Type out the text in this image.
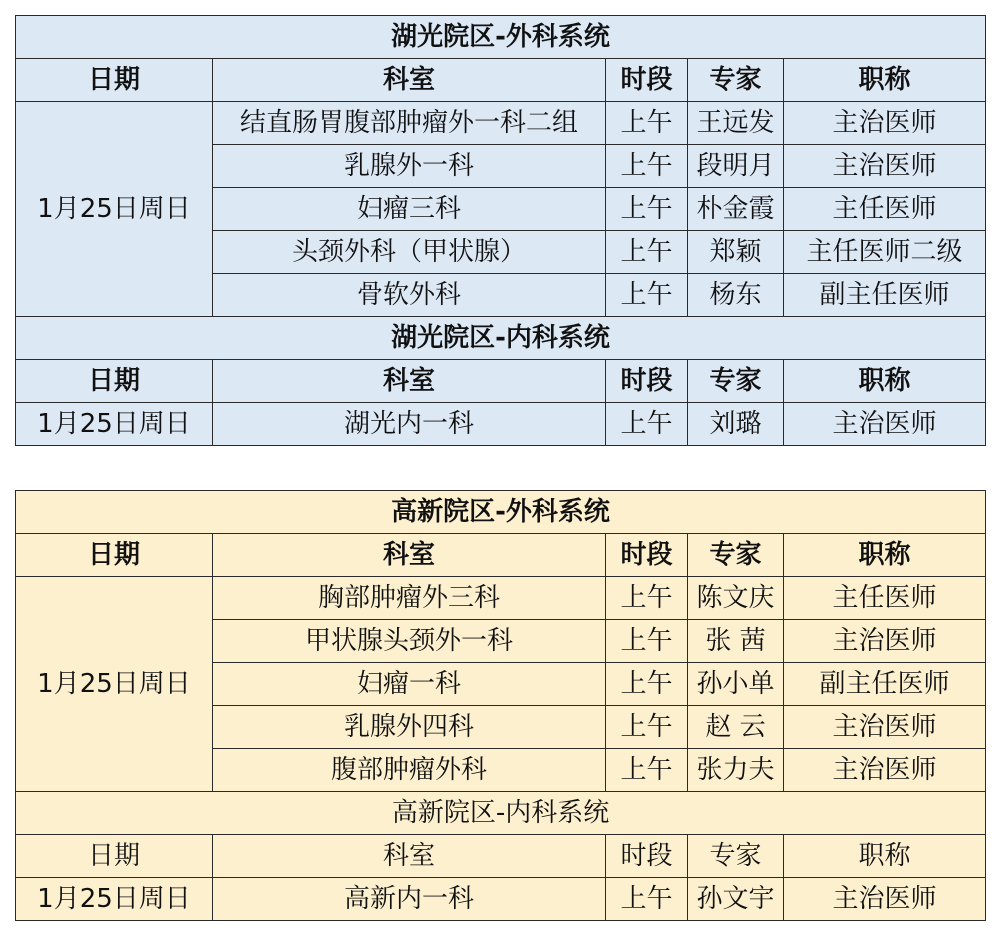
湖光院区-外科系统				
日期	科室	时段	专家	职称
1月25日周日	结直肠胃腹部肿瘤外一科二组	上午	王远发	主治医师
	乳腺外一科	上午	段明月	主治医师
	妇瘤三科	上午	朴金霞	主任医师
	头颈外科（甲状腺）	上午	郑颖	主任医师二级
	骨软外科	上午	杨东	副主任医师
湖光院区-内科系统				
日期	科室	时段	专家	职称
1月25日周日	湖光内一科	上午	刘璐	主治医师
高新院区-外科系统				
日期	科室	时段	专家	职称
1月25日周日	胸部肿瘤外三科	上午	陈文庆	主任医师
	甲状腺头颈外一科	上午	张 茜	主治医师
	妇瘤一科	上午	孙小单	副主任医师
	乳腺外四科	上午	赵 云	主治医师
	腹部肿瘤外科	上午	张力夫	主治医师
高新院区-内科系统				
日期	科室	时段	专家	职称
1月25日周日	高新内一科	上午	孙文宇	主治医师
